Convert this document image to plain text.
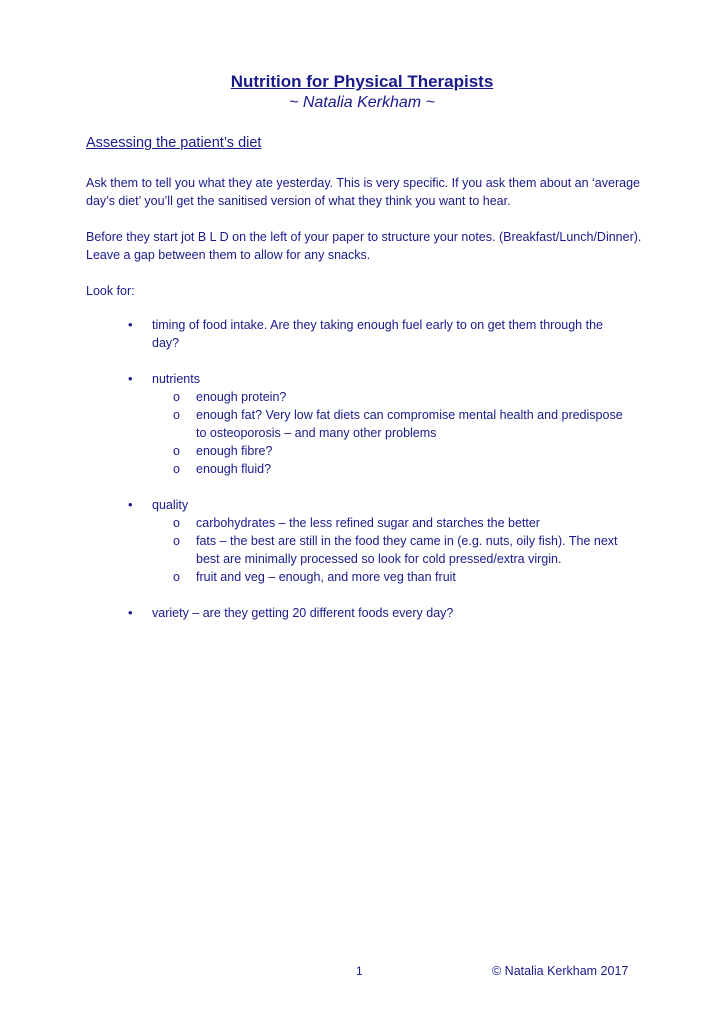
Nutrition for Physical Therapists
~ Natalia Kerkham ~
Assessing the patient’s diet
Ask them to tell you what they ate yesterday. This is very specific. If you ask them about an ‘average day’s diet’ you’ll get the sanitised version of what they think you want to hear.
Before they start jot B L D on the left of your paper to structure your notes. (Breakfast/Lunch/Dinner). Leave a gap between them to allow for any snacks.
Look for:
• timing of food intake. Are they taking enough fuel early to on get them through the day?
• nutrients
o enough protein?
o enough fat? Very low fat diets can compromise mental health and predispose to osteoporosis – and many other problems
o enough fibre?
o enough fluid?
• quality
o carbohydrates – the less refined sugar and starches the better
o fats – the best are still in the food they came in (e.g. nuts, oily fish). The next best are minimally processed so look for cold pressed/extra virgin.
o fruit and veg – enough, and more veg than fruit
• variety – are they getting 20 different foods every day?
1	© Natalia Kerkham 2017
